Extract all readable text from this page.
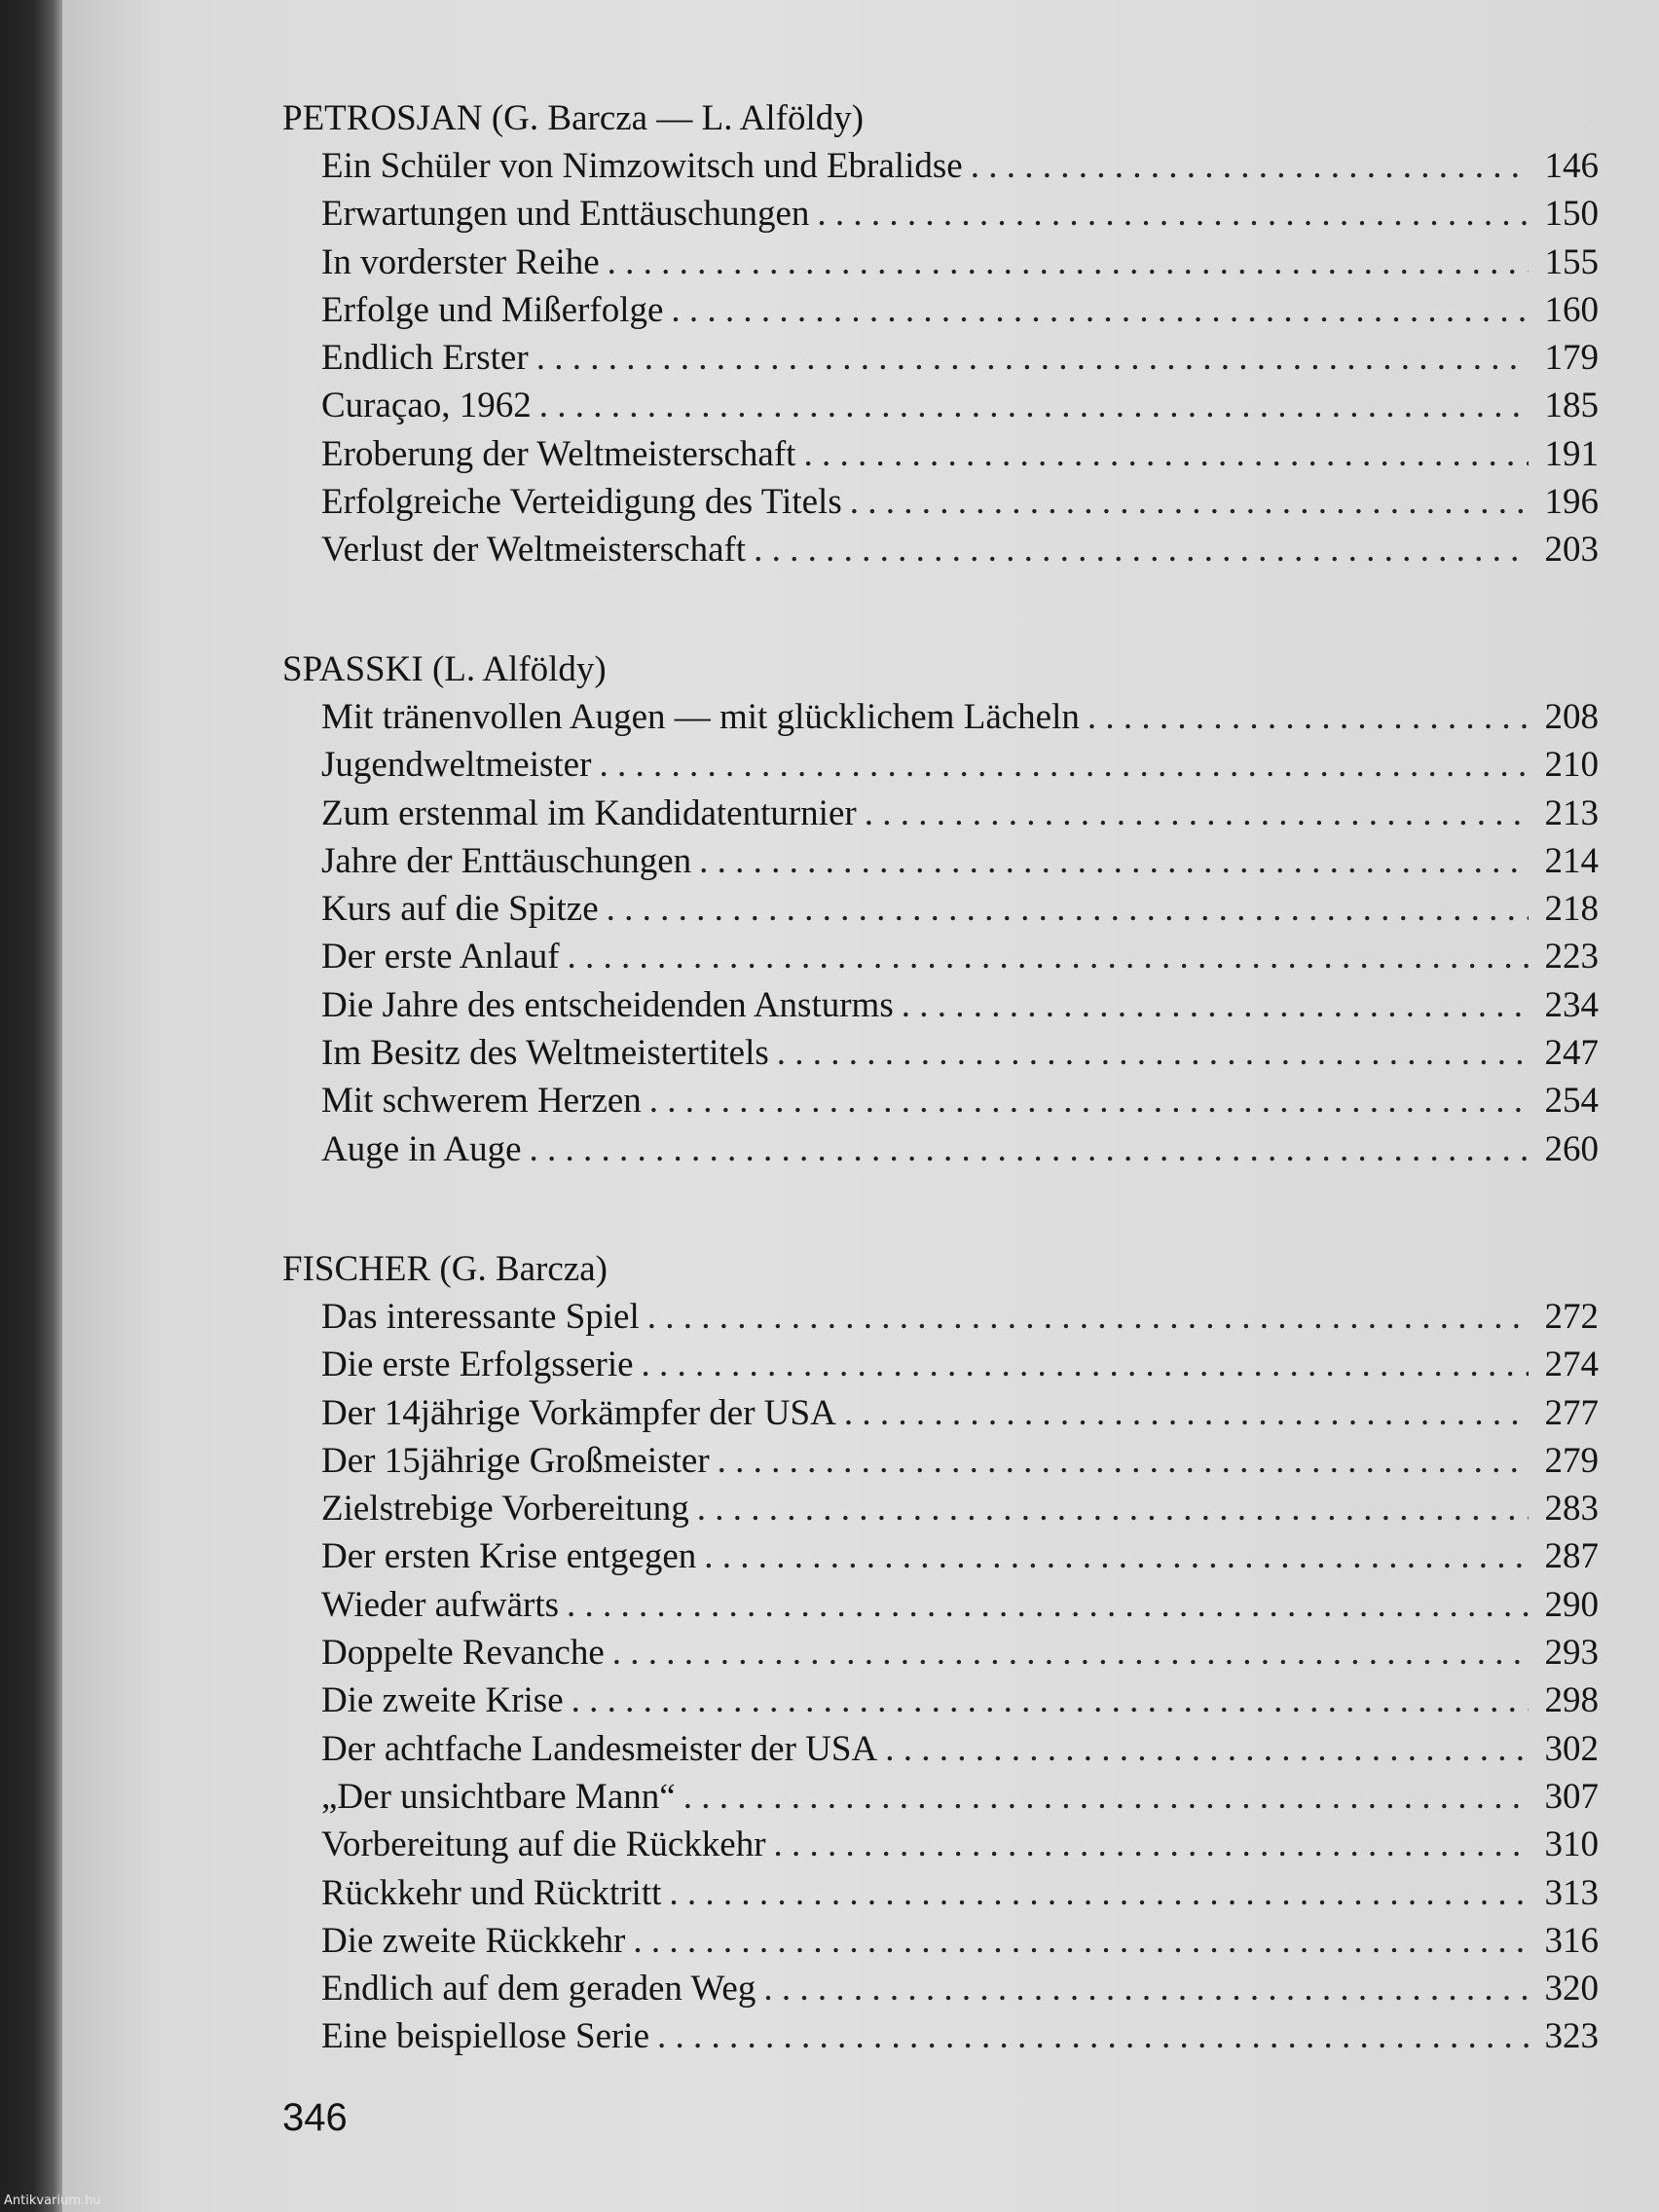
PETROSJAN (G. Barcza — L. Alföldy)
Ein Schüler von Nimzowitsch und Ebralidse . . .	146
Erwartungen und Enttäuschungen . . .	150
In vorderster Reihe . . .	155
Erfolge und Mißerfolge . . .	160
Endlich Erster . . .	179
Curaçao, 1962 . . .	185
Eroberung der Weltmeisterschaft . . .	191
Erfolgreiche Verteidigung des Titels . . .	196
Verlust der Weltmeisterschaft . . .	203
SPASSKI (L. Alföldy)
Mit tränenvollen Augen — mit glücklichem Lächeln . . .	208
Jugendweltmeister . . .	210
Zum erstenmal im Kandidatenturnier . . .	213
Jahre der Enttäuschungen . . .	214
Kurs auf die Spitze . . .	218
Der erste Anlauf . . .	223
Die Jahre des entscheidenden Ansturms . . .	234
Im Besitz des Weltmeistertitels . . .	247
Mit schwerem Herzen . . .	254
Auge in Auge . . .	260
FISCHER (G. Barcza)
Das interessante Spiel . . .	272
Die erste Erfolgsserie . . .	274
Der 14jährige Vorkämpfer der USA . . .	277
Der 15jährige Großmeister . . .	279
Zielstrebige Vorbereitung . . .	283
Der ersten Krise entgegen . . .	287
Wieder aufwärts . . .	290
Doppelte Revanche . . .	293
Die zweite Krise . . .	298
Der achtfache Landesmeister der USA . . .	302
„Der unsichtbare Mann“ . . .	307
Vorbereitung auf die Rückkehr . . .	310
Rückkehr und Rücktritt . . .	313
Die zweite Rückkehr . . .	316
Endlich auf dem geraden Weg . . .	320
Eine beispiellose Serie . . .	323
346
Antikvarium.hu
